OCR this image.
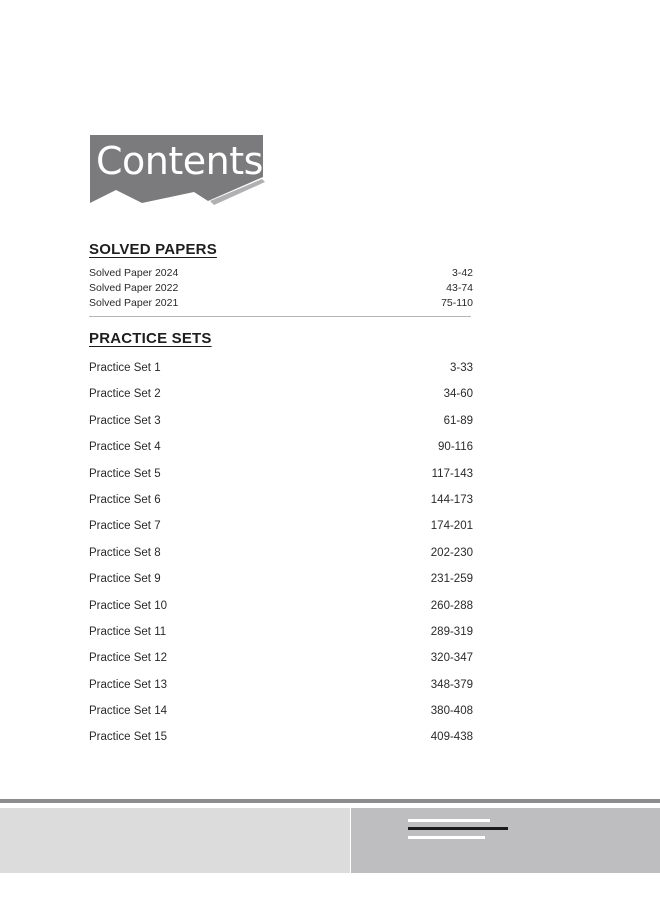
Contents
SOLVED PAPERS
Solved Paper 2024	3-42
Solved Paper 2022	43-74
Solved Paper 2021	75-110
PRACTICE SETS
Practice Set 1	3-33
Practice Set 2	34-60
Practice Set 3	61-89
Practice Set 4	90-116
Practice Set 5	117-143
Practice Set 6	144-173
Practice Set 7	174-201
Practice Set 8	202-230
Practice Set 9	231-259
Practice Set 10	260-288
Practice Set 11	289-319
Practice Set 12	320-347
Practice Set 13	348-379
Practice Set 14	380-408
Practice Set 15	409-438
